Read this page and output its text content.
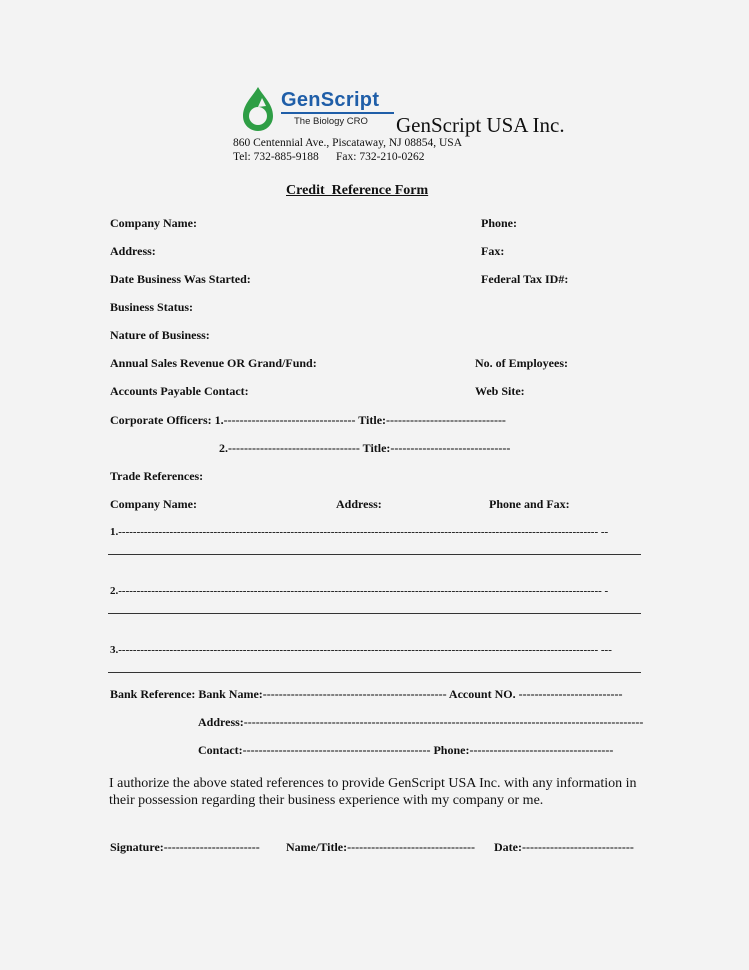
GenScript
The Biology CRO GenScript USA Inc.
860 Centennial Ave., Piscataway, NJ 08854, USA
Tel: 732-885-9188      Fax: 732-210-0262
Credit  Reference Form
Company Name:	Phone:
Address:	Fax:
Date Business Was Started:	Federal Tax ID#:
Business Status:
Nature of Business:
Annual Sales Revenue OR Grand/Fund:	No. of Employees:
Accounts Payable Contact:	Web Site:
Corporate Officers: 1.--------------------------------- Title:------------------------------
2.--------------------------------- Title:------------------------------
Trade References:
Company Name:	Address:	Phone and Fax:
1.----------------------------------------------------------------------------------------------------------------------------------- --
2.------------------------------------------------------------------------------------------------------------------------------------ -
3.----------------------------------------------------------------------------------------------------------------------------------- ---
Bank Reference: Bank Name:---------------------------------------------- Account NO. --------------------------
Address:----------------------------------------------------------------------------------------------------
Contact:----------------------------------------------- Phone:------------------------------------
I authorize the above stated references to provide GenScript USA Inc. with any information in their possession regarding their business experience with my company or me.
Signature:------------------------ Name/Title:-------------------------------- Date:----------------------------
